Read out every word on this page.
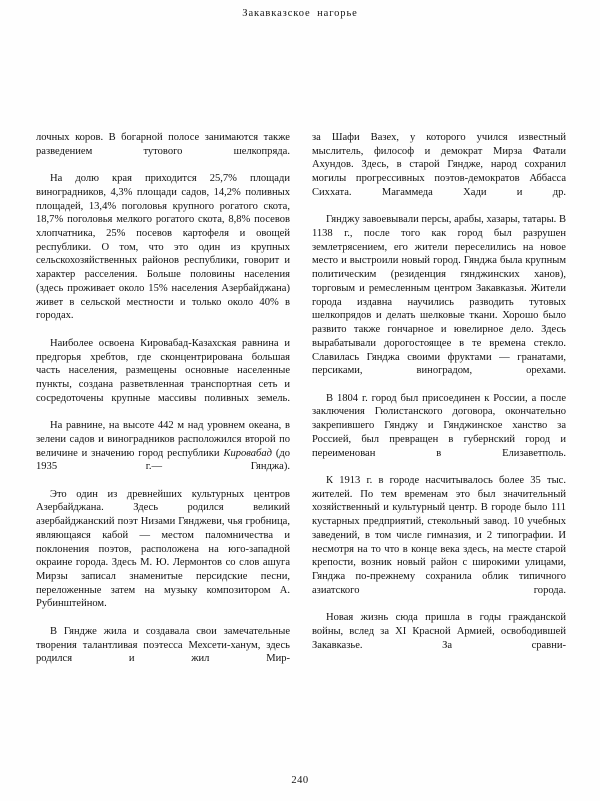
Закавказское нагорье

лочных коров. В богарной полосе занимаются также разведением тутового шелкопряда.

На долю края приходится 25,7% площади виноградников, 4,3% площади садов, 14,2% поливных площадей, 13,4% поголовья крупного рогатого скота, 18,7% поголовья мелкого рогатого скота, 8,8% посевов хлопчатника, 25% посевов картофеля и овощей республики. О том, что это один из крупных сельскохозяйственных районов республики, говорит и характер расселения. Больше половины населения (здесь проживает около 15% населения Азербайджана) живет в сельской местности и только около 40% в городах.

Наиболее освоена Кировабад-Казахская равнина и предгорья хребтов, где сконцентрирована большая часть населения, размещены основные населенные пункты, создана разветвленная транспортная сеть и сосредоточены крупные массивы поливных земель.

На равнине, на высоте 442 м над уровнем океана, в зелени садов и виноградников расположился второй по величине и значению город республики Кировабад (до 1935 г.— Гянджа).

Это один из древнейших культурных центров Азербайджана. Здесь родился великий азербайджанский поэт Низами Гянджеви, чья гробница, являющаяся кабой — местом паломничества и поклонения поэтов, расположена на юго-западной окраине города. Здесь М. Ю. Лермонтов со слов ашуга Мирзы записал знаменитые персидские песни, переложенные затем на музыку композитором А. Рубинштейном.

В Гяндже жила и создавала свои замечательные творения талантливая поэтесса Мехсети-ханум, здесь родился и жил Мир-

за Шафи Вазех, у которого учился известный мыслитель, философ и демократ Мирза Фатали Ахундов. Здесь, в старой Гяндже, народ сохранил могилы прогрессивных поэтов-демократов Аббасса Сиххата. Магаммеда Хади и др.

Гянджу завоевывали персы, арабы, хазары, татары. В 1138 г., после того как город был разрушен землетрясением, его жители переселились на новое место и выстроили новый город. Гянджа была крупным политическим (резиденция гянджинских ханов), торговым и ремесленным центром Закавказья. Жители города издавна научились разводить тутовых шелкопрядов и делать шелковые ткани. Хорошо было развито также гончарное и ювелирное дело. Здесь вырабатывали дорогостоящее в те времена стекло. Славилась Гянджа своими фруктами — гранатами, персиками, виноградом, орехами.

В 1804 г. город был присоединен к России, а после заключения Гюлистанского договора, окончательно закрепившего Гянджу и Гянджинское ханство за Россией, был превращен в губернский город и переименован в Елизаветполь.

К 1913 г. в городе насчитывалось более 35 тыс. жителей. По тем временам это был значительный хозяйственный и культурный центр. В городе было 111 кустарных предприятий, стекольный завод. 10 учебных заведений, в том числе гимназия, и 2 типографии. И несмотря на то что в конце века здесь, на месте старой крепости, возник новый район с широкими улицами, Гянджа по-прежнему сохранила облик типичного азиатского города.

Новая жизнь сюда пришла в годы гражданской войны, вслед за XI Красной Армией, освободившей Закавказье. За сравни-

240
